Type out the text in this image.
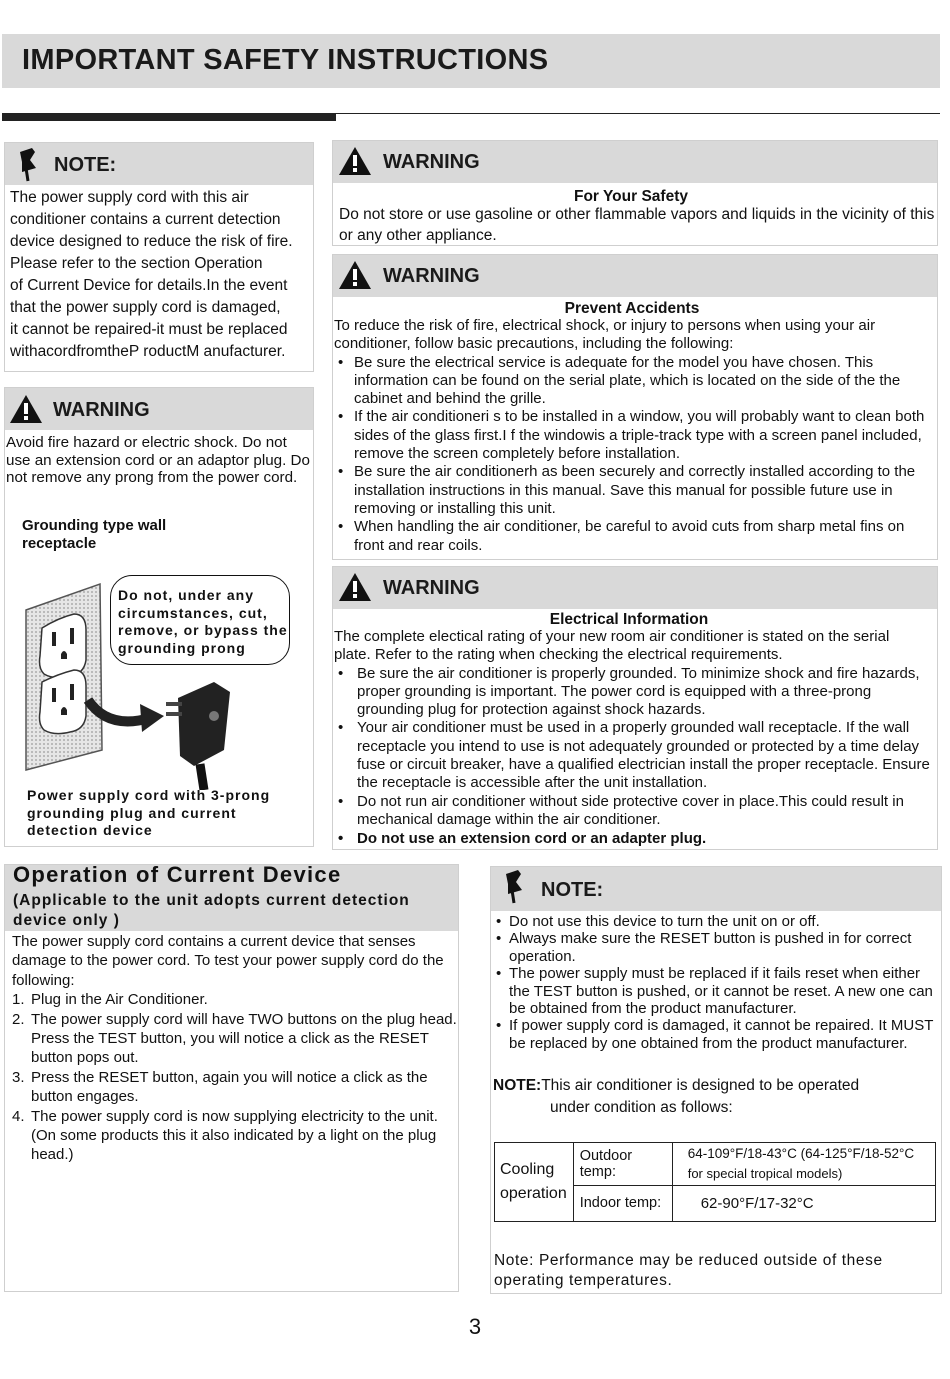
IMPORTANT SAFETY INSTRUCTIONS
NOTE:
The power supply cord with this air
conditioner contains a current detection
device designed to reduce the risk of fire.
Please refer to the section Operation
of Current Device for details.In the event
that the power supply cord is damaged,
it cannot be repaired-it must be replaced
withacordfromtheP roductM anufacturer.
WARNING
Avoid fire hazard or electric shock. Do not use an extension cord or an adaptor plug. Do not remove any prong from the power cord.
Grounding type wall receptacle
Do not, under any circumstances, cut, remove, or bypass the grounding prong
Power supply cord with 3-prong grounding plug and current detection device
WARNING
For Your Safety
Do not store or use gasoline or other flammable vapors and liquids in the vicinity of this or any other appliance.
WARNING
Prevent Accidents
To reduce the risk of fire, electrical shock, or injury to persons when using your air conditioner, follow basic precautions, including the following:
• Be sure the electrical service is adequate for the model you have chosen. This information can be found on the serial plate, which is located on the side of the the cabinet and behind the grille.
• If the air conditioneri s to be installed in a window, you will probably want to clean both sides of the glass first.I f the windowis a triple-track type with a screen panel included, remove the screen completely before installation.
• Be sure the air conditionerh as been securely and correctly installed according to the installation instructions in this manual. Save this manual for possible future use in removing or installing this unit.
• When handling the air conditioner, be careful to avoid cuts from sharp metal fins on front and rear coils.
WARNING
Electrical Information
The complete electical rating of your new room air conditioner is stated on the serial plate. Refer to the rating when checking the electrical requirements.
• Be sure the air conditioner is properly grounded. To minimize shock and fire hazards, proper grounding is important. The power cord is equipped with a three-prong grounding plug for protection against shock hazards.
• Your air conditioner must be used in a properly grounded wall receptacle. If the wall receptacle you intend to use is not adequately grounded or protected by a time delay fuse or circuit breaker, have a qualified electrician install the proper receptacle. Ensure the receptacle is accessible after the unit installation.
• Do not run air conditioner without side protective cover in place.This could result in mechanical damage within the air conditioner.
• Do not use an extension cord or an adapter plug.
Operation of Current Device
(Applicable to the unit adopts current detection device only )
The power supply cord contains a current device that senses damage to the power cord. To test your power supply cord do the following:
1. Plug in the Air Conditioner.
2. The power supply cord will have TWO buttons on the plug head. Press the TEST button, you will notice a click as the RESET button pops out.
3. Press the RESET button, again you will notice a click as the button engages.
4. The power supply cord is now supplying electricity to the unit. (On some products this it also indicated by a light on the plug head.)
NOTE:
• Do not use this device to turn the unit on or off.
• Always make sure the RESET button is pushed in for correct operation.
• The power supply must be replaced if it fails reset when either the TEST button is pushed, or it cannot be reset. A new one can be obtained from the product manufacturer.
• If power supply cord is damaged, it cannot be repaired. It MUST be replaced by one obtained from the product manufacturer.
NOTE:This air conditioner is designed to be operated
under condition as follows:
Cooling operation	Outdoor temp:	64-109°F/18-43°C (64-125°F/18-52°C
for special tropical models)

	Indoor temp:	62-90°F/17-32°C
Note: Performance may be reduced outside of these operating temperatures.
3
